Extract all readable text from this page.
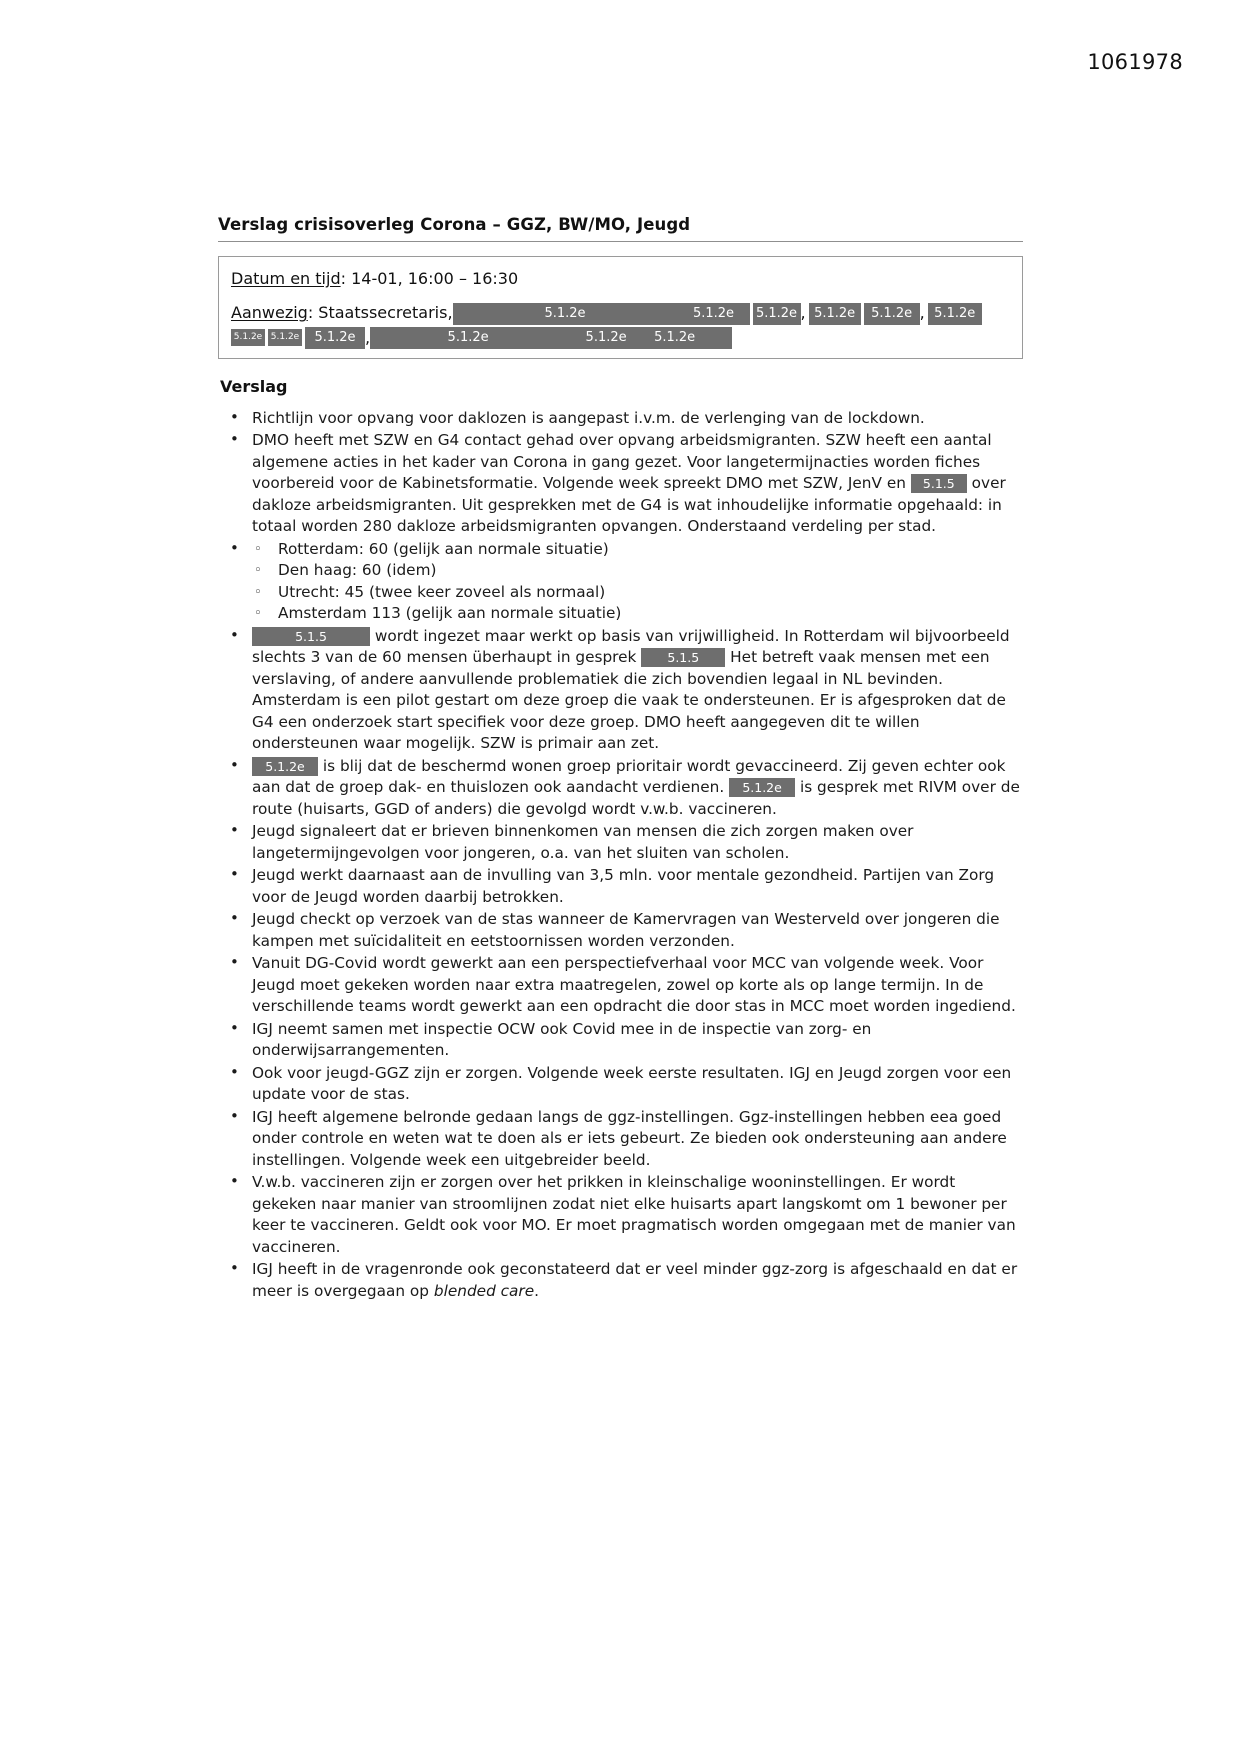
1061978
Verslag crisisoverleg Corona – GGZ, BW/MO, Jeugd
Datum en tijd: 14-01, 16:00 – 16:30
Aanwezig: Staatssecretaris,	5.1.2e	5.1.2e 5.1.2e , 5.1.2e 5.1.2e , 5.1.2e
5.1.2e 5.1.2e 5.1.2e ,	5.1.2e	5.1.2e 5.1.2e
Verslag
• Richtlijn voor opvang voor daklozen is aangepast i.v.m. de verlenging van de lockdown.
• DMO heeft met SZW en G4 contact gehad over opvang arbeidsmigranten. SZW heeft een aantal algemene acties in het kader van Corona in gang gezet. Voor langetermijnacties worden fiches voorbereid voor de Kabinetsformatie. Volgende week spreekt DMO met SZW, JenV en 5.1.5 over dakloze arbeidsmigranten. Uit gesprekken met de G4 is wat inhoudelijke informatie opgehaald: in totaal worden 280 dakloze arbeidsmigranten opvangen. Onderstaand verdeling per stad.
◦ • Rotterdam: 60 (gelijk aan normale situatie)
◦ Den haag: 60 (idem)
◦ Utrecht: 45 (twee keer zoveel als normaal)
◦ Amsterdam 113 (gelijk aan normale situatie)
• 5.1.5	wordt ingezet maar werkt op basis van vrijwilligheid. In Rotterdam wil bijvoorbeeld slechts 3 van de 60 mensen überhaupt in gesprek 5.1.5 Het betreft vaak mensen met een verslaving, of andere aanvullende problematiek die zich bovendien legaal in NL bevinden. Amsterdam is een pilot gestart om deze groep die vaak te ondersteunen. Er is afgesproken dat de G4 een onderzoek start specifiek voor deze groep. DMO heeft aangegeven dit te willen ondersteunen waar mogelijk. SZW is primair aan zet.
• 5.1.2e is blij dat de beschermd wonen groep prioritair wordt gevaccineerd. Zij geven echter ook aan dat de groep dak- en thuislozen ook aandacht verdienen. 5.1.2e is gesprek met RIVM over de route (huisarts, GGD of anders) die gevolgd wordt v.w.b. vaccineren.
• Jeugd signaleert dat er brieven binnenkomen van mensen die zich zorgen maken over langetermijngevolgen voor jongeren, o.a. van het sluiten van scholen.
• Jeugd werkt daarnaast aan de invulling van 3,5 mln. voor mentale gezondheid. Partijen van Zorg voor de Jeugd worden daarbij betrokken.
• Jeugd checkt op verzoek van de stas wanneer de Kamervragen van Westerveld over jongeren die kampen met suïcidaliteit en eetstoornissen worden verzonden.
• Vanuit DG-Covid wordt gewerkt aan een perspectiefverhaal voor MCC van volgende week. Voor Jeugd moet gekeken worden naar extra maatregelen, zowel op korte als op lange termijn. In de verschillende teams wordt gewerkt aan een opdracht die door stas in MCC moet worden ingediend.
• IGJ neemt samen met inspectie OCW ook Covid mee in de inspectie van zorg- en onderwijsarrangementen.
• Ook voor jeugd-GGZ zijn er zorgen. Volgende week eerste resultaten. IGJ en Jeugd zorgen voor een update voor de stas.
• IGJ heeft algemene belronde gedaan langs de ggz-instellingen. Ggz-instellingen hebben eea goed onder controle en weten wat te doen als er iets gebeurt. Ze bieden ook ondersteuning aan andere instellingen. Volgende week een uitgebreider beeld.
• V.w.b. vaccineren zijn er zorgen over het prikken in kleinschalige wooninstellingen. Er wordt gekeken naar manier van stroomlijnen zodat niet elke huisarts apart langskomt om 1 bewoner per keer te vaccineren. Geldt ook voor MO. Er moet pragmatisch worden omgegaan met de manier van vaccineren.
• IGJ heeft in de vragenronde ook geconstateerd dat er veel minder ggz-zorg is afgeschaald en dat er meer is overgegaan op blended care.
